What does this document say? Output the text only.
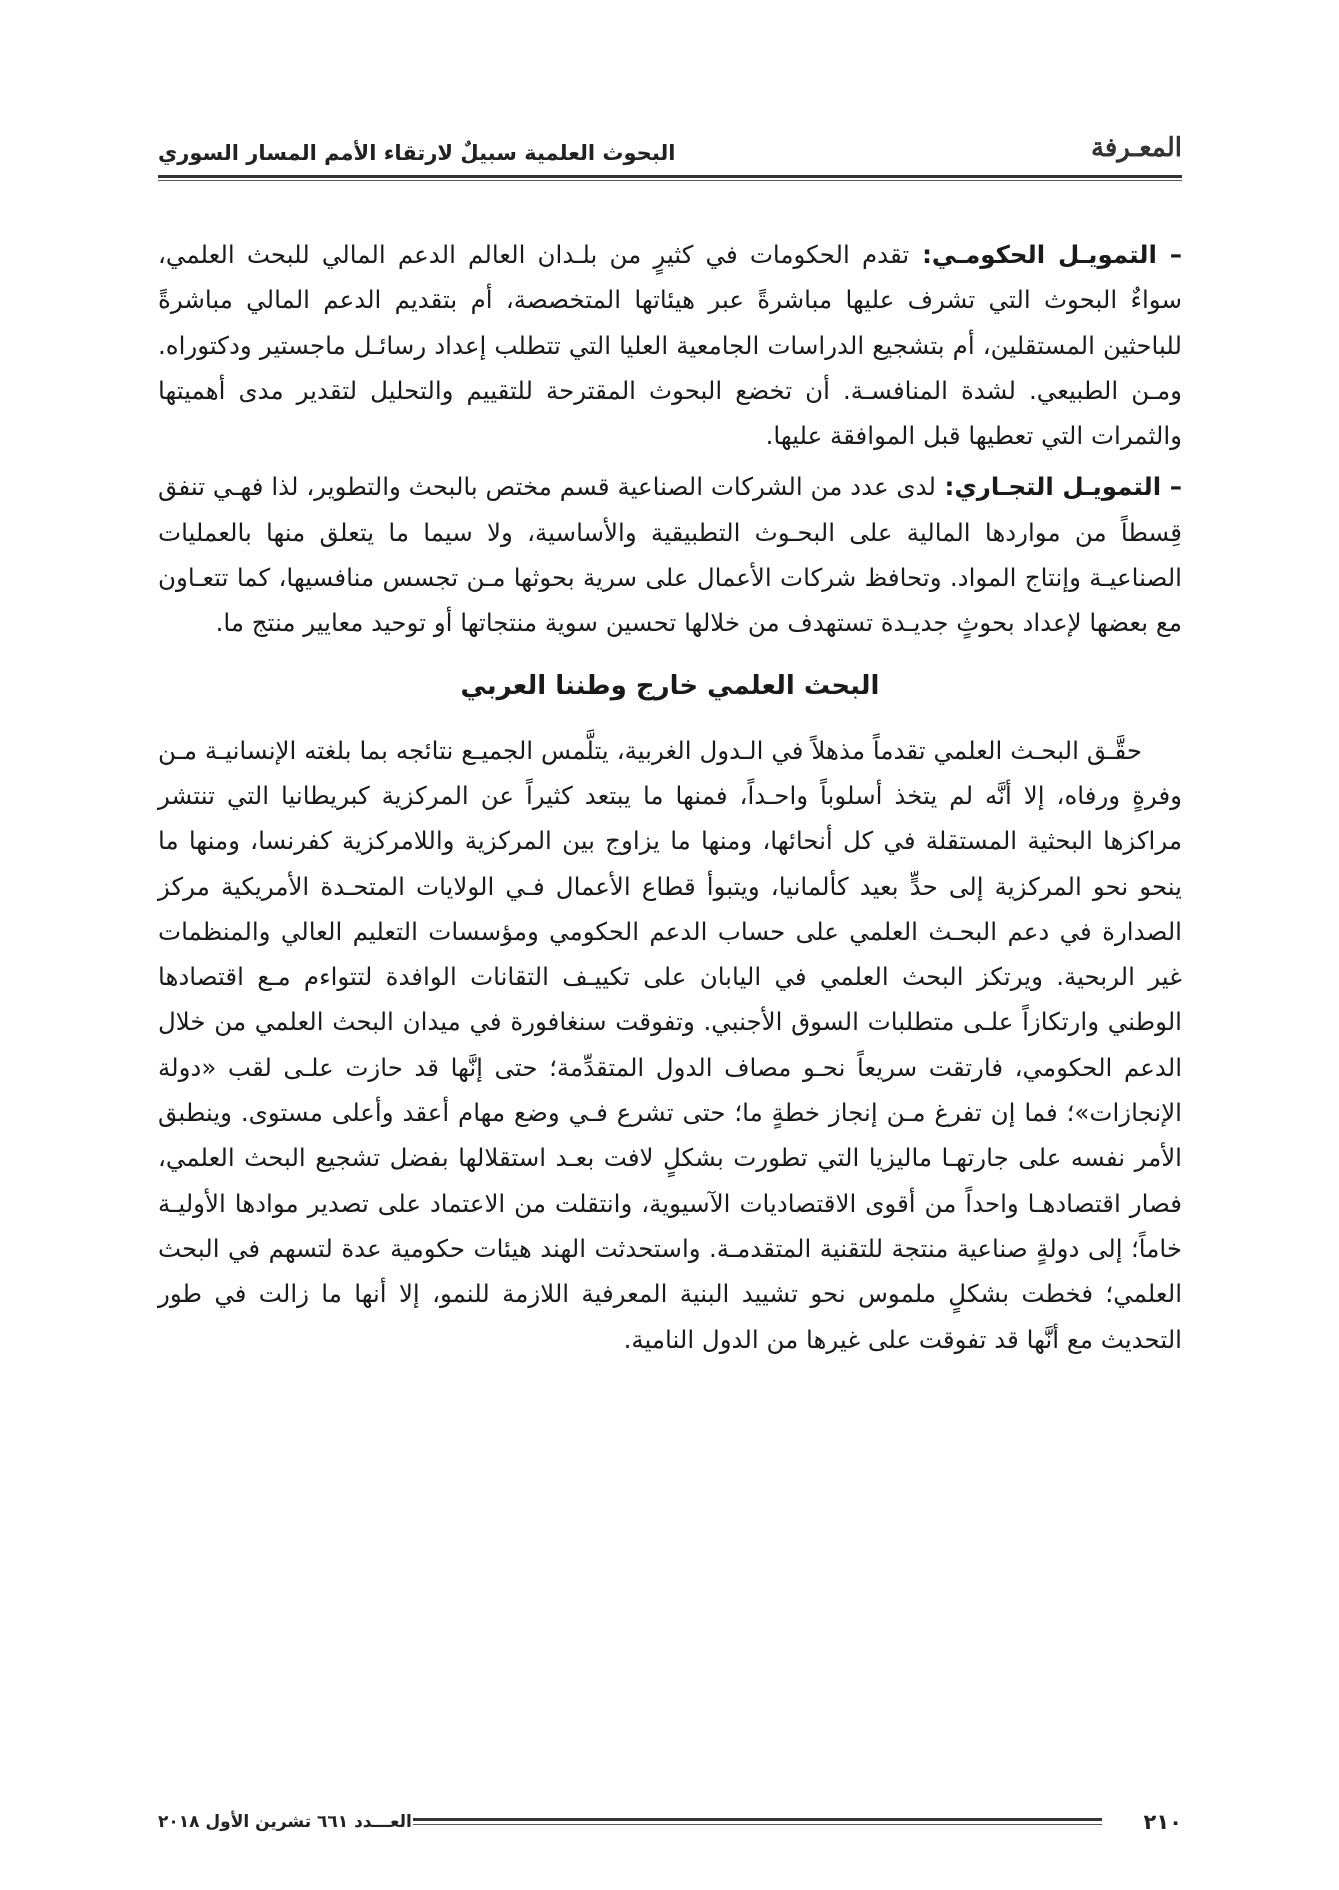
البحوث العلمية سبيلٌ لارتقاء الأمم المسار السوري	المعـرفة

– التمويـل الحكومـي: تقدم الحكومات في كثيرٍ من بلـدان العالم الدعم المالي للبحث العلمي، سواءٌ البحوث التي تشرف عليها مباشرةً عبر هيئاتها المتخصصة، أم بتقديم الدعم المالي مباشرةً للباحثين المستقلين، أم بتشجيع الدراسات الجامعية العليا التي تتطلب إعداد رسائـل ماجستير ودكتوراه. ومـن الطبيعي. لشدة المنافسـة. أن تخضع البحوث المقترحة للتقييم والتحليل لتقدير مدى أهميتها والثمرات التي تعطيها قبل الموافقة عليها.

– التمويـل التجـاري: لدى عدد من الشركات الصناعية قسم مختص بالبحث والتطوير، لذا فهـي تنفق قِسطاً من مواردها المالية على البحـوث التطبيقية والأساسية، ولا سيما ما يتعلق منها بالعمليات الصناعيـة وإنتاج المواد. وتحافظ شركات الأعمال على سرية بحوثها مـن تجسس منافسيها، كما تتعـاون مع بعضها لإعداد بحوثٍ جديـدة تستهدف من خلالها تحسين سوية منتجاتها أو توحيد معايير منتج ما.

البحث العلمي خارج وطننا العربي

حقَّـق البحـث العلمي تقدماً مذهلاً في الـدول الغربية، يتلَّمس الجميـع نتائجه بما بلغته الإنسانيـة مـن وفرةٍ ورفاه، إلا أنَّه لم يتخذ أسلوباً واحـداً، فمنها ما يبتعد كثيراً عن المركزية كبريطانيا التي تنتشر مراكزها البحثية المستقلة في كل أنحائها، ومنها ما يزاوج بين المركزية واللامركزية كفرنسا، ومنها ما ينحو نحو المركزية إلى حدٍّ بعيد كألمانيا، ويتبوأ قطاع الأعمال فـي الولايات المتحـدة الأمريكية مركز الصدارة في دعم البحـث العلمي على حساب الدعم الحكومي ومؤسسات التعليم العالي والمنظمات غير الربحية. ويرتكز البحث العلمي في اليابان على تكييـف التقانات الوافدة لتتواءم مـع اقتصادها الوطني وارتكازاً علـى متطلبات السوق الأجنبي. وتفوقت سنغافورة في ميدان البحث العلمي من خلال الدعم الحكومي، فارتقت سريعاً نحـو مصاف الدول المتقدِّمة؛ حتى إنَّها قد حازت علـى لقب «دولة الإنجازات»؛ فما إن تفرغ مـن إنجاز خطةٍ ما؛ حتى تشرع فـي وضع مهام أعقد وأعلى مستوى. وينطبق الأمر نفسه على جارتهـا ماليزيا التي تطورت بشكلٍ لافت بعـد استقلالها بفضل تشجيع البحث العلمي، فصار اقتصادهـا واحداً من أقوى الاقتصاديات الآسيوية، وانتقلت من الاعتماد على تصدير موادها الأوليـة خاماً؛ إلى دولةٍ صناعية منتجة للتقنية المتقدمـة. واستحدثت الهند هيئات حكومية عدة لتسهم في البحث العلمي؛ فخطت بشكلٍ ملموس نحو تشييد البنية المعرفية اللازمة للنمو، إلا أنها ما زالت في طور التحديث مع أنَّها قد تفوقت على غيرها من الدول النامية.

٢١٠
العـــدد ٦٦١ تشرين الأول ٢٠١٨
